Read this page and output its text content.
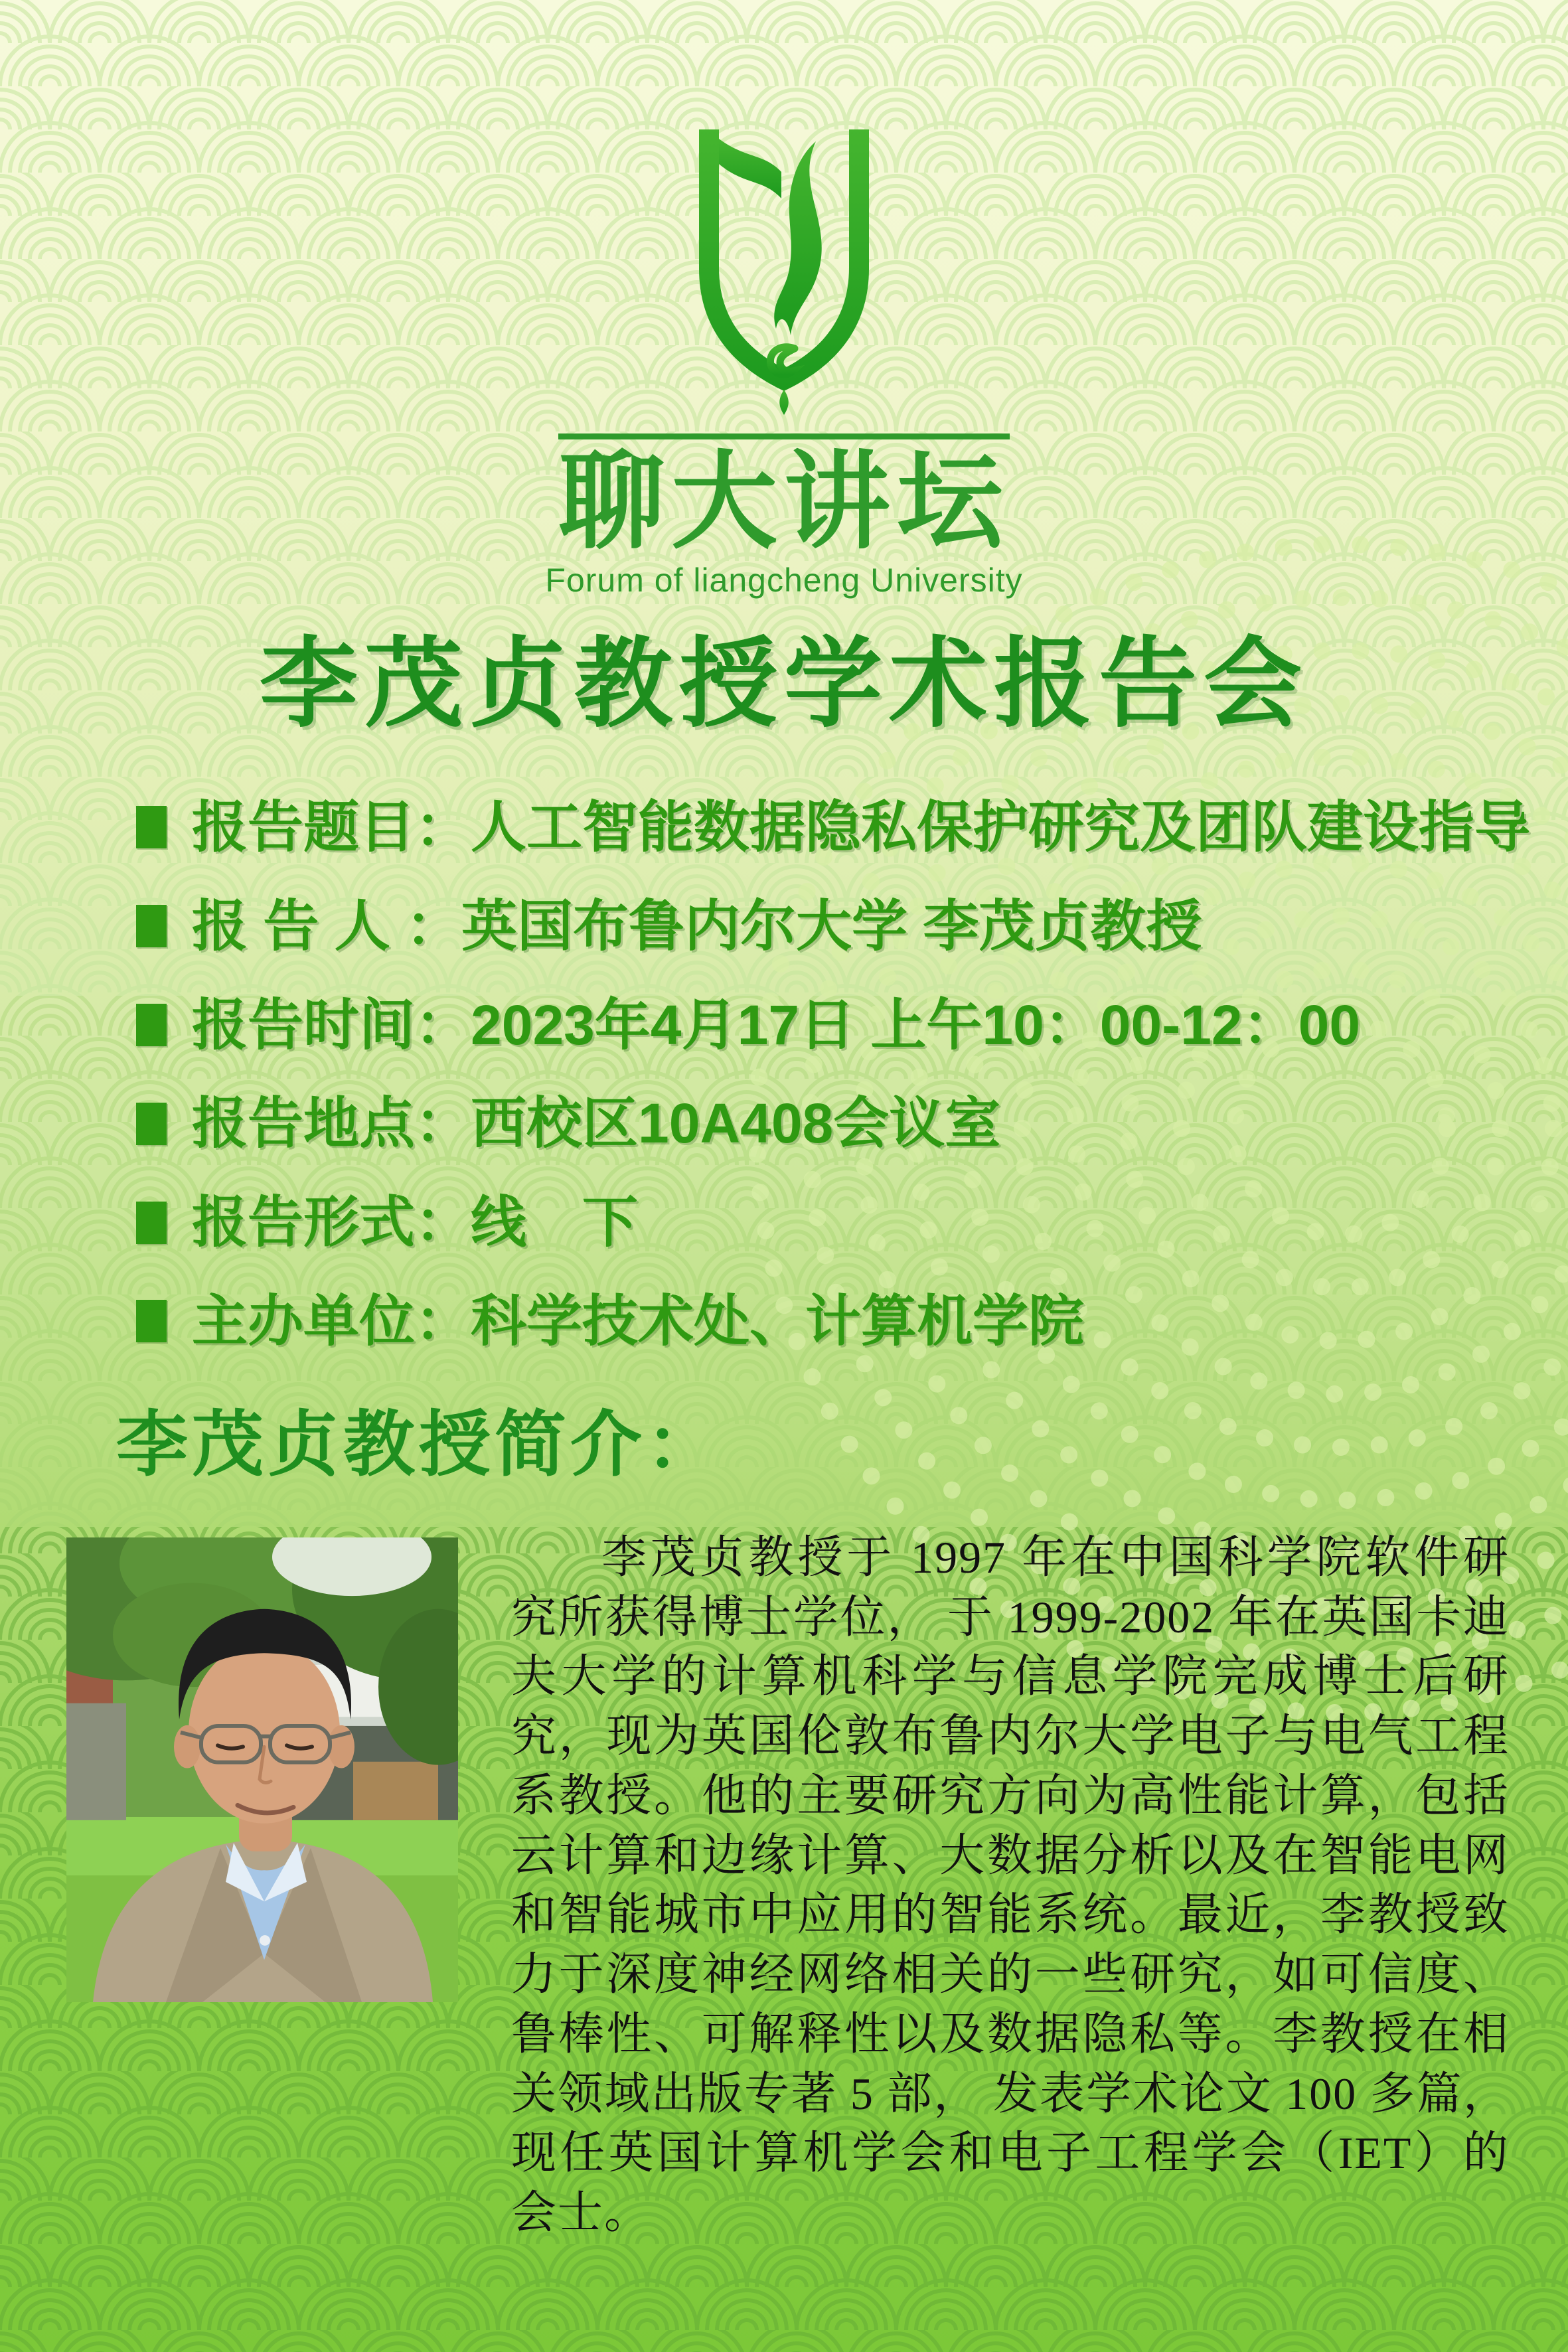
聊大讲坛
Forum of liangcheng University
李茂贞教授学术报告会
报告题目： 人工智能数据隐私保护研究及团队建设指导
报 告 人 ： 英国布鲁内尔大学 李茂贞教授
报告时间： 2023年4月17日 上午10：00-12：00
报告地点： 西校区10A408会议室
报告形式： 线　下
主办单位： 科学技术处、计算机学院
李茂贞教授简介：

李茂贞教授于 1997 年在中国科学院软件研究所获得博士学位， 于 1999-2002 年在英国卡迪夫大学的计算机科学与信息学院完成博士后研究，现为英国伦敦布鲁内尔大学电子与电气工程系教授。他的主要研究方向为高性能计算，包括云计算和边缘计算、大数据分析以及在智能电网和智能城市中应用的智能系统。最近，李教授致力于深度神经网络相关的一些研究，如可信度、鲁棒性、可解释性以及数据隐私等。李教授在相关领域出版专著 5 部， 发表学术论文 100 多篇， 现任英国计算机学会和电子工程学会（IET）的会士。
